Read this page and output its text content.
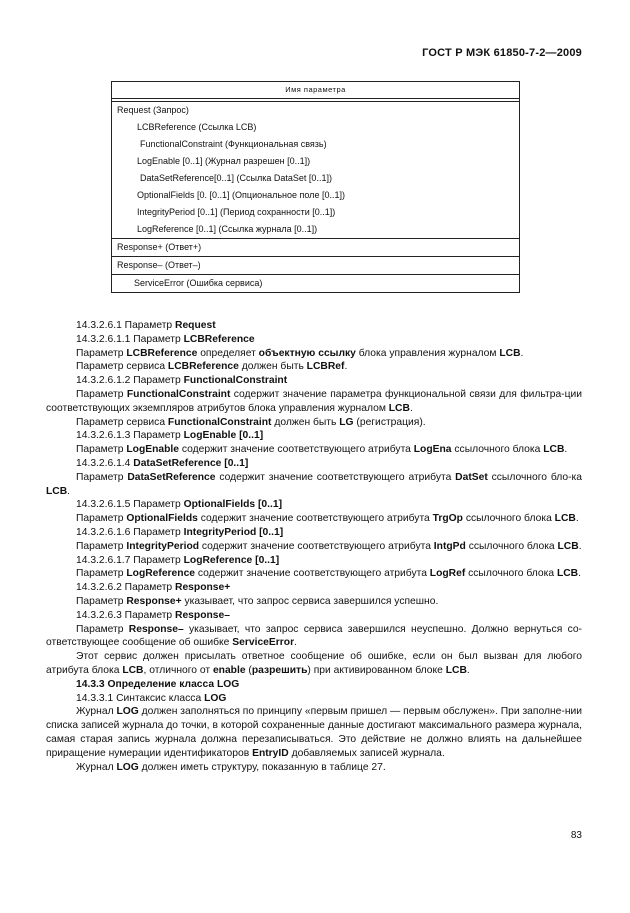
ГОСТ Р МЭК 61850-7-2—2009
Имя параметра

Request (Запрос)
LCBReference (Ссылка LCB)
FunctionalConstraint (Функциональная связь)
LogEnable [0..1] (Журнал разрешен [0..1])
DataSetReference[0..1] (Ссылка DataSet [0..1])
OptionalFields [0. [0..1] (Опциональное поле [0..1])
IntegrityPeriod [0..1] (Период сохранности [0..1])
LogReference [0..1] (Ссылка журнала [0..1])
Response+ (Ответ+)
Response– (Ответ–)
ServiceError (Ошибка сервиса)

14.3.2.6.1 Параметр Request

14.3.2.6.1.1 Параметр LCBReference

Параметр LCBReference определяет объектную ссылку блока управления журналом LCB.

Параметр сервиса LCBReference должен быть LCBRef.

14.3.2.6.1.2 Параметр FunctionalConstraint

Параметр FunctionalConstraint содержит значение параметра функциональной связи для фильтра-ции соответствующих экземпляров атрибутов блока управления журналом LCB.

Параметр сервиса FunctionalConstraint должен быть LG (регистрация).

14.3.2.6.1.3 Параметр LogEnable [0..1]

Параметр LogEnable содержит значение соответствующего атрибута LogEna ссылочного блока LCB.

14.3.2.6.1.4 DataSetReference [0..1]

Параметр DataSetReference содержит значение соответствующего атрибута DatSet ссылочного бло-ка LCB.

14.3.2.6.1.5 Параметр OptionalFields [0..1]

Параметр OptionalFields содержит значение соответствующего атрибута TrgOp ссылочного блока LCB.

14.3.2.6.1.6 Параметр IntegrityPeriod [0..1]

Параметр IntegrityPeriod содержит значение соответствующего атрибута IntgPd ссылочного блока LCB.

14.3.2.6.1.7 Параметр LogReference [0..1]

Параметр LogReference содержит значение соответствующего атрибута LogRef ссылочного блока LCB.

14.3.2.6.2 Параметр Response+

Параметр Response+ указывает, что запрос сервиса завершился успешно.

14.3.2.6.3 Параметр Response–

Параметр Response– указывает, что запрос сервиса завершился неуспешно. Должно вернуться со-ответствующее сообщение об ошибке ServiceError.

Этот сервис должен присылать ответное сообщение об ошибке, если он был вызван для любого атрибута блока LCB, отличного от enable (разрешить) при активированном блоке LCB.

14.3.3 Определение класса LOG

14.3.3.1 Синтаксис класса LOG

Журнал LOG должен заполняться по принципу «первым пришел — первым обслужен». При заполне-нии списка записей журнала до точки, в которой сохраненные данные достигают максимального размера журнала, самая старая запись журнала должна перезаписываться. Это действие не должно влиять на дальнейшее приращение нумерации идентификаторов EntryID добавляемых записей журнала.

Журнал LOG должен иметь структуру, показанную в таблице 27.

83
